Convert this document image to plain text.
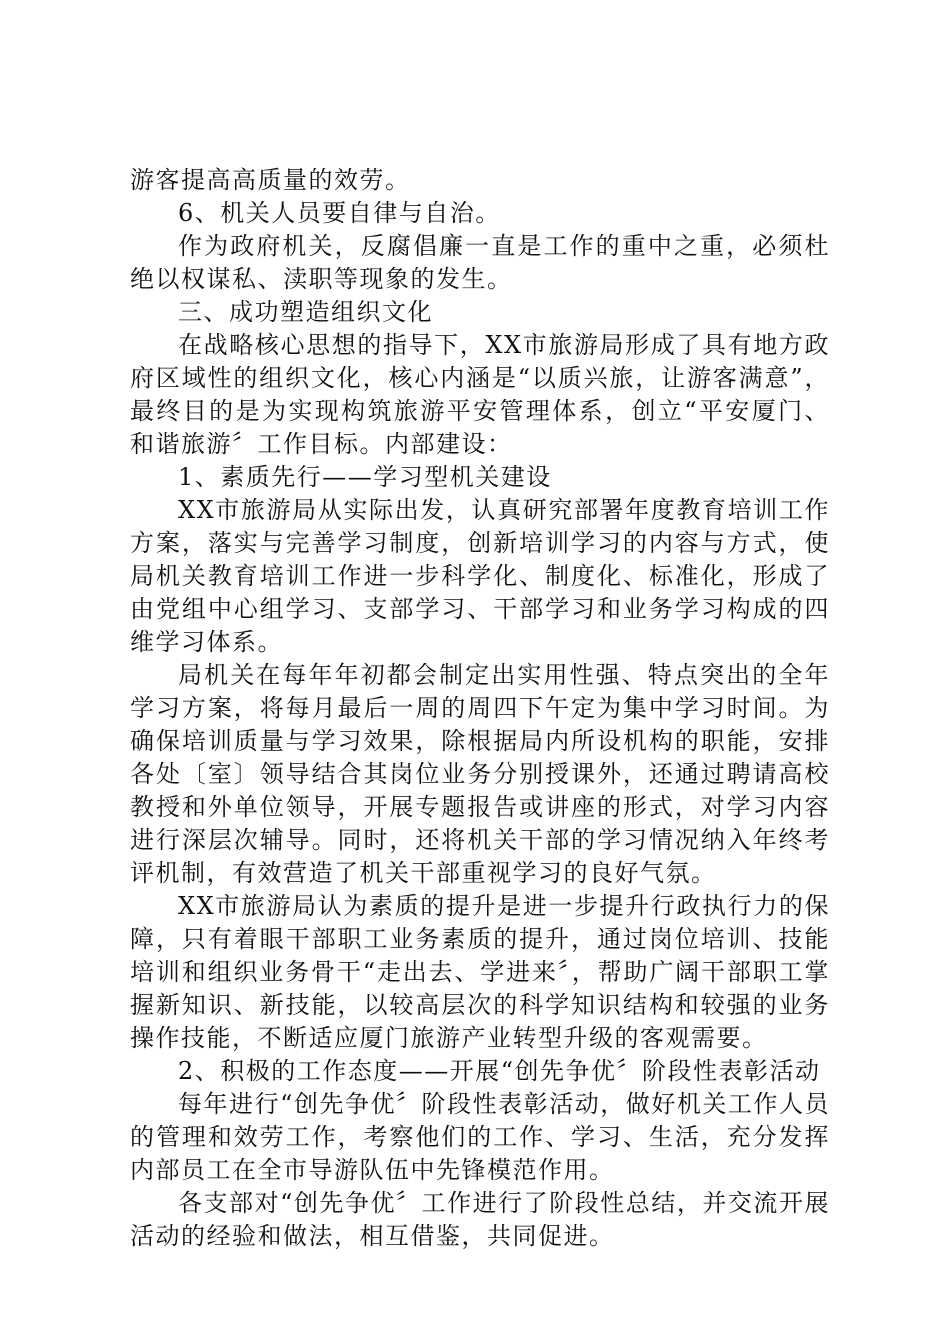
游客提高高质量的效劳。

6、机关人员要自律与自治。

作为政府机关，反腐倡廉一直是工作的重中之重，必须杜绝以权谋私、渎职等现象的发生。

三、成功塑造组织文化

在战略核心思想的指导下，XX市旅游局形成了具有地方政府区域性的组织文化，核心内涵是“以质兴旅，让游客满意”，最终目的是为实现构筑旅游平安管理体系，创立“平安厦门、和谐旅游〞工作目标。内部建设：

1、素质先行——学习型机关建设

XX市旅游局从实际出发，认真研究部署年度教育培训工作方案，落实与完善学习制度，创新培训学习的内容与方式，使局机关教育培训工作进一步科学化、制度化、标准化，形成了由党组中心组学习、支部学习、干部学习和业务学习构成的四维学习体系。

局机关在每年年初都会制定出实用性强、特点突出的全年学习方案，将每月最后一周的周四下午定为集中学习时间。为确保培训质量与学习效果，除根据局内所设机构的职能，安排各处〔室〕领导结合其岗位业务分别授课外，还通过聘请高校教授和外单位领导，开展专题报告或讲座的形式，对学习内容进行深层次辅导。同时，还将机关干部的学习情况纳入年终考评机制，有效营造了机关干部重视学习的良好气氛。

XX市旅游局认为素质的提升是进一步提升行政执行力的保障，只有着眼干部职工业务素质的提升，通过岗位培训、技能培训和组织业务骨干“走出去、学进来〞，帮助广阔干部职工掌握新知识、新技能，以较高层次的科学知识结构和较强的业务操作技能，不断适应厦门旅游产业转型升级的客观需要。

2、积极的工作态度——开展“创先争优〞阶段性表彰活动

每年进行“创先争优〞阶段性表彰活动，做好机关工作人员的管理和效劳工作，考察他们的工作、学习、生活，充分发挥内部员工在全市导游队伍中先锋模范作用。

各支部对“创先争优〞工作进行了阶段性总结，并交流开展活动的经验和做法，相互借鉴，共同促进。
